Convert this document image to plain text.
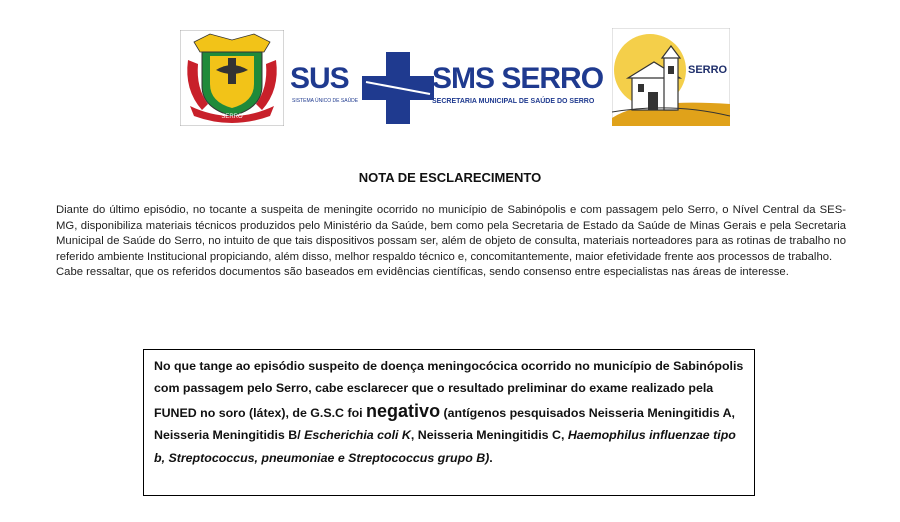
SERRO
SUS
SISTEMA ÚNICO DE SAÚDE
SMS SERRO
SECRETARIA MUNICIPAL DE SAÚDE DO SERRO
SERRO
NOTA DE ESCLARECIMENTO

Diante do último episódio, no tocante a suspeita de meningite ocorrido no município de Sabinópolis e com passagem pelo Serro, o Nível Central da SES- MG, disponibiliza materiais técnicos produzidos pelo Ministério da Saúde, bem como pela Secretaria de Estado da Saúde de Minas Gerais e pela Secretaria Municipal de Saúde do Serro, no intuito de que tais dispositivos possam ser, além de objeto de consulta, materiais norteadores para as rotinas de trabalho no referido ambiente Institucional propiciando, além disso, melhor respaldo técnico e, concomitantemente, maior efetividade frente aos processos de trabalho.

Cabe ressaltar, que os referidos documentos são baseados em evidências científicas, sendo consenso entre especialistas nas áreas de interesse.

No que tange ao episódio suspeito de doença meningocócica ocorrido no município de Sabinópolis com passagem pelo Serro, cabe esclarecer que o resultado preliminar do exame realizado pela FUNED no soro (látex), de G.S.C foi negativo (antígenos pesquisados Neisseria Meningitidis A, Neisseria Meningitidis B/ Escherichia coli K, Neisseria Meningitidis C, Haemophilus influenzae tipo b, Streptococcus, pneumoniae e Streptococcus grupo B).
